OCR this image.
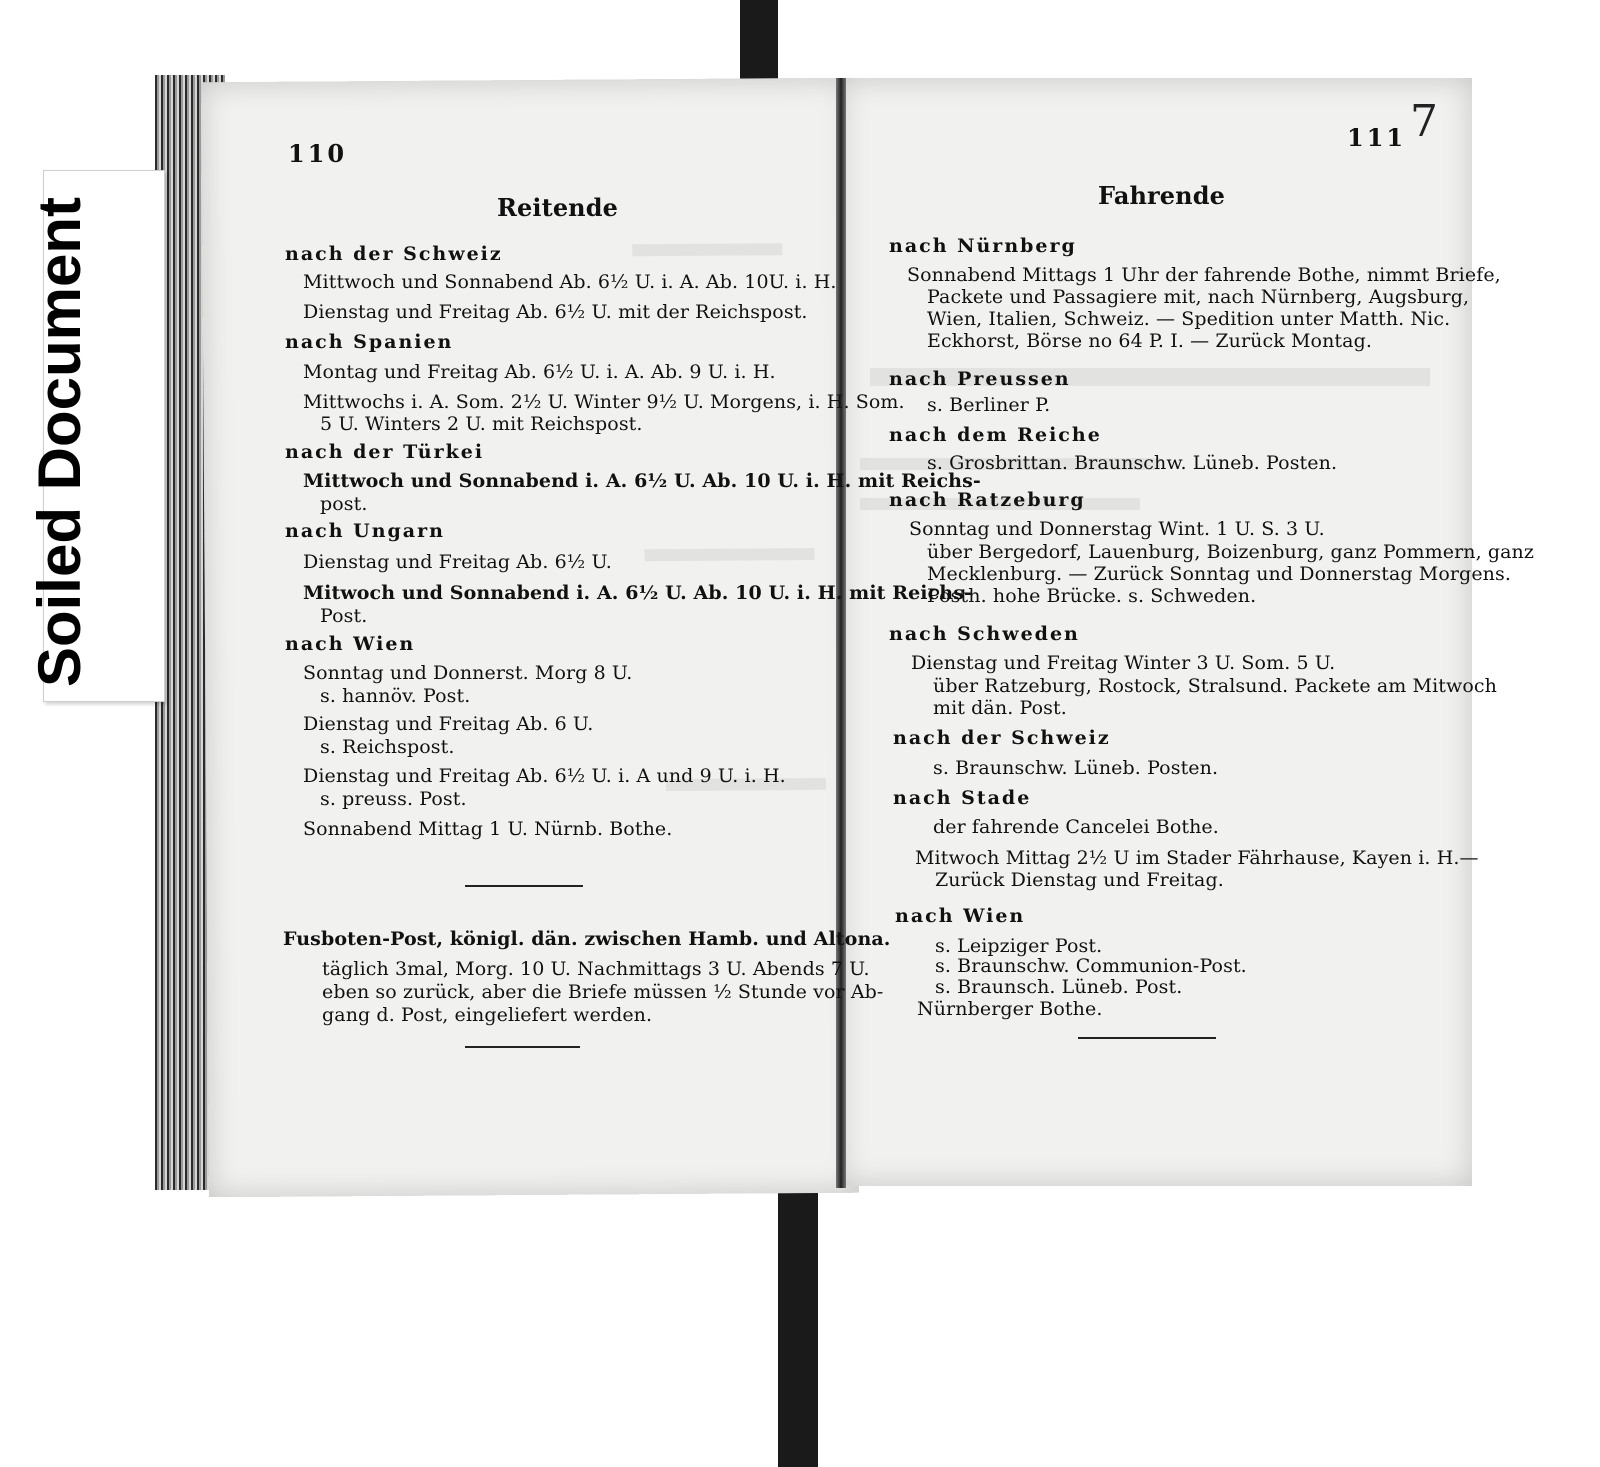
Soiled Document
110
Reitende
nach der Schweiz
Mittwoch und Sonnabend Ab. 6½ U. i. A. Ab. 10U. i. H.
Dienstag und Freitag Ab. 6½ U. mit der Reichspost.
nach Spanien
Montag und Freitag Ab. 6½ U. i. A. Ab. 9 U. i. H.
Mittwochs i. A. Som. 2½ U. Winter 9½ U. Morgens, i. H. Som.
5 U. Winters 2 U. mit Reichspost.
nach der Türkei
Mittwoch und Sonnabend i. A. 6½ U. Ab. 10 U. i. H. mit Reichs-
post.
nach Ungarn
Dienstag und Freitag Ab. 6½ U.
Mitwoch und Sonnabend i. A. 6½ U. Ab. 10 U. i. H. mit Reichs-
Post.
nach Wien
Sonntag und Donnerst. Morg 8 U.
s. hannöv. Post.
Dienstag und Freitag Ab. 6 U.
s. Reichspost.
Dienstag und Freitag Ab. 6½ U. i. A und 9 U. i. H.
s. preuss. Post.
Sonnabend Mittag 1 U. Nürnb. Bothe.
Fusboten-Post, königl. dän. zwischen Hamb. und Altona.
täglich 3mal, Morg. 10 U. Nachmittags 3 U. Abends 7 U.
eben so zurück, aber die Briefe müssen ½ Stunde vor Ab-
gang d. Post, eingeliefert werden.
111 7
Fahrende
nach Nürnberg
Sonnabend Mittags 1 Uhr der fahrende Bothe, nimmt Briefe,
Packete und Passagiere mit, nach Nürnberg, Augsburg,
Wien, Italien, Schweiz. — Spedition unter Matth. Nic.
Eckhorst, Börse no 64 P. I. — Zurück Montag.
nach Preussen
s. Berliner P.
nach dem Reiche
s. Grosbrittan. Braunschw. Lüneb. Posten.
nach Ratzeburg
Sonntag und Donnerstag Wint. 1 U. S. 3 U.
über Bergedorf, Lauenburg, Boizenburg, ganz Pommern, ganz
Mecklenburg. — Zurück Sonntag und Donnerstag Morgens.
Posth. hohe Brücke. s. Schweden.
nach Schweden
Dienstag und Freitag Winter 3 U. Som. 5 U.
über Ratzeburg, Rostock, Stralsund. Packete am Mitwoch
mit dän. Post.
nach der Schweiz
s. Braunschw. Lüneb. Posten.
nach Stade
der fahrende Cancelei Bothe.
Mitwoch Mittag 2½ U im Stader Fährhause, Kayen i. H.—
Zurück Dienstag und Freitag.
nach Wien
s. Leipziger Post.
s. Braunschw. Communion-Post.
s. Braunsch. Lüneb. Post.
Nürnberger Bothe.
